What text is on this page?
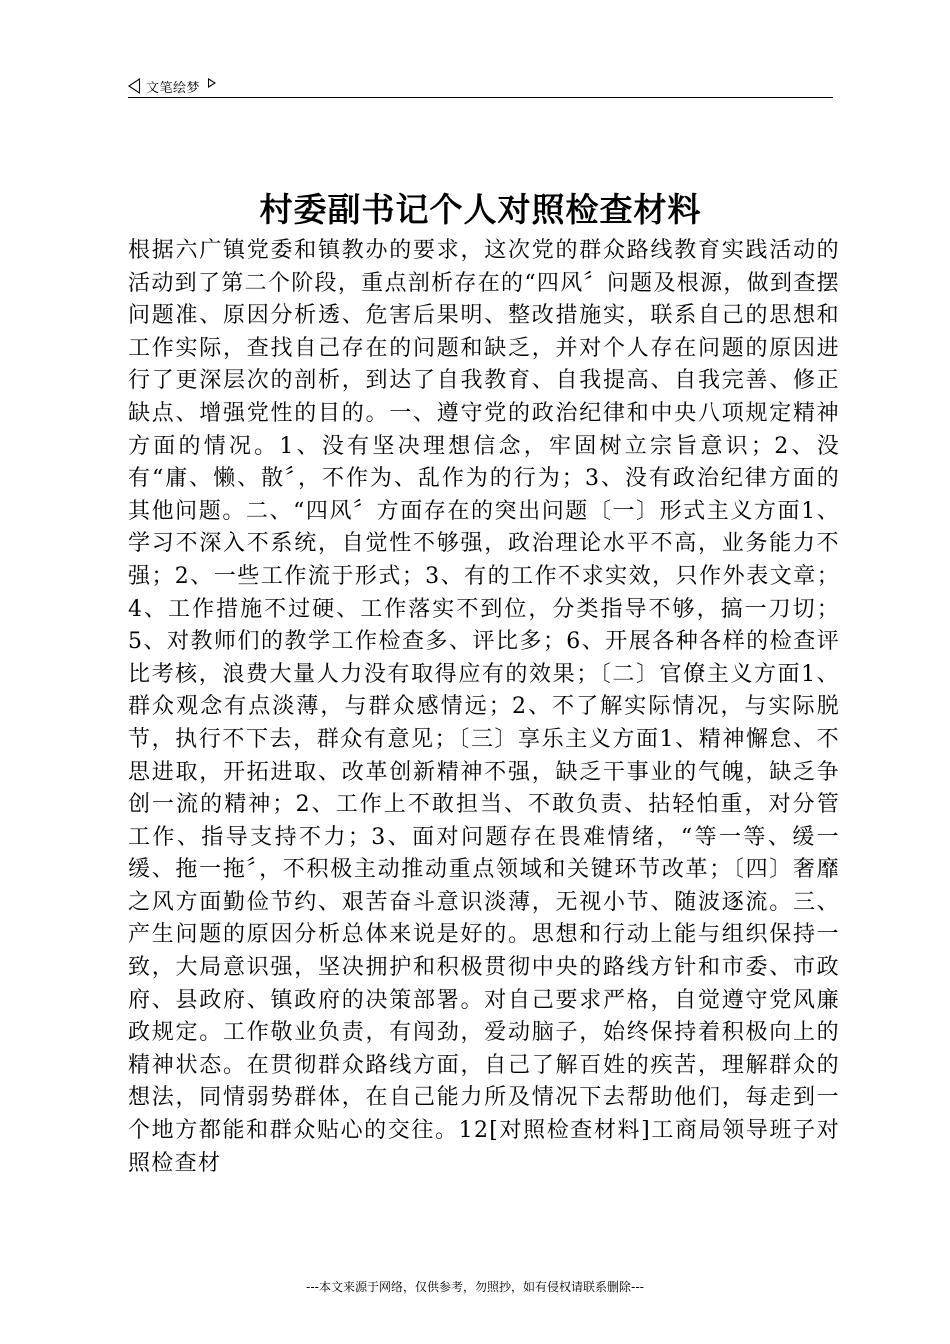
文笔绘梦
村委副书记个人对照检查材料

根据六广镇党委和镇教办的要求，这次党的群众路线教育实践活动的活动到了第二个阶段，重点剖析存在的“四风〞问题及根源，做到查摆问题准、原因分析透、危害后果明、整改措施实，联系自己的思想和工作实际，查找自己存在的问题和缺乏，并对个人存在问题的原因进行了更深层次的剖析，到达了自我教育、自我提高、自我完善、修正缺点、增强党性的目的。一、遵守党的政治纪律和中央八项规定精神方面的情况。1、没有坚决理想信念，牢固树立宗旨意识；2、没有“庸、懒、散〞，不作为、乱作为的行为；3、没有政治纪律方面的其他问题。二、“四风〞方面存在的突出问题〔一〕形式主义方面1、学习不深入不系统，自觉性不够强，政治理论水平不高，业务能力不强；2、一些工作流于形式；3、有的工作不求实效，只作外表文章；4、工作措施不过硬、工作落实不到位，分类指导不够，搞一刀切；5、对教师们的教学工作检查多、评比多；6、开展各种各样的检查评比考核，浪费大量人力没有取得应有的效果；〔二〕官僚主义方面1、群众观念有点淡薄，与群众感情远；2、不了解实际情况，与实际脱节，执行不下去，群众有意见；〔三〕享乐主义方面1、精神懈怠、不思进取，开拓进取、改革创新精神不强，缺乏干事业的气魄，缺乏争创一流的精神；2、工作上不敢担当、不敢负责、拈轻怕重，对分管工作、指导支持不力；3、面对问题存在畏难情绪，“等一等、缓一缓、拖一拖〞，不积极主动推动重点领域和关键环节改革；〔四〕奢靡之风方面勤俭节约、艰苦奋斗意识淡薄，无视小节、随波逐流。三、产生问题的原因分析总体来说是好的。思想和行动上能与组织保持一致，大局意识强，坚决拥护和积极贯彻中央的路线方针和市委、市政府、县政府、镇政府的决策部署。对自己要求严格，自觉遵守党风廉政规定。工作敬业负责，有闯劲，爱动脑子，始终保持着积极向上的精神状态。在贯彻群众路线方面，自己了解百姓的疾苦，理解群众的想法，同情弱势群体，在自己能力所及情况下去帮助他们，每走到一个地方都能和群众贴心的交往。12[对照检查材料]工商局领导班子对照检查材

---本文来源于网络，仅供参考，勿照抄，如有侵权请联系删除---
